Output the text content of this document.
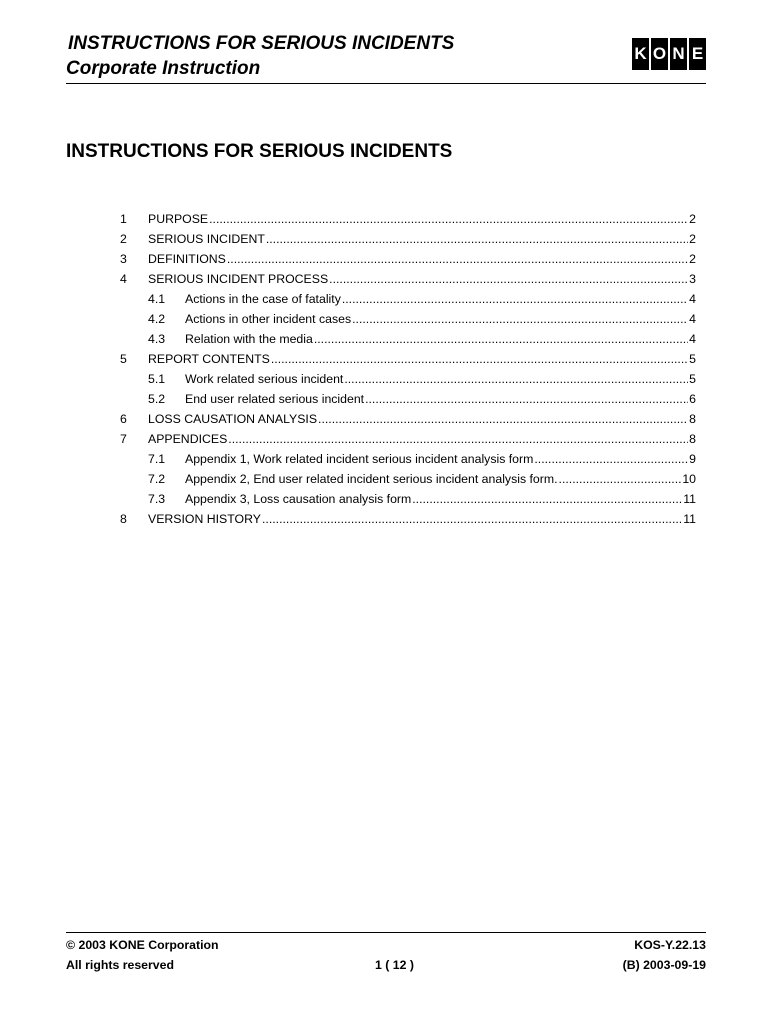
INSTRUCTIONS FOR SERIOUS INCIDENTS
Corporate Instruction
K O N E
INSTRUCTIONS FOR SERIOUS INCIDENTS
1	PURPOSE .....	2
2	SERIOUS INCIDENT .....	2
3	DEFINITIONS .....	2
4	SERIOUS INCIDENT PROCESS .....	3
4.1 Actions in the case of fatality .....	4
4.2 Actions in other incident cases .....	4
4.3 Relation with the media .....	4
5	REPORT CONTENTS .....	5
5.1 Work related serious incident .....	5
5.2 End user related serious incident .....	6
6	LOSS CAUSATION ANALYSIS .....	8
7	APPENDICES .....	8
7.1 Appendix 1, Work related incident serious incident analysis form .....	9
7.2 Appendix 2, End user related incident serious incident analysis form. .....	10
7.3 Appendix 3, Loss causation analysis form .....	11
8	VERSION HISTORY .....	11
© 2003 KONE Corporation
All rights reserved	1 ( 12 )
KOS-Y.22.13
(B) 2003-09-19
